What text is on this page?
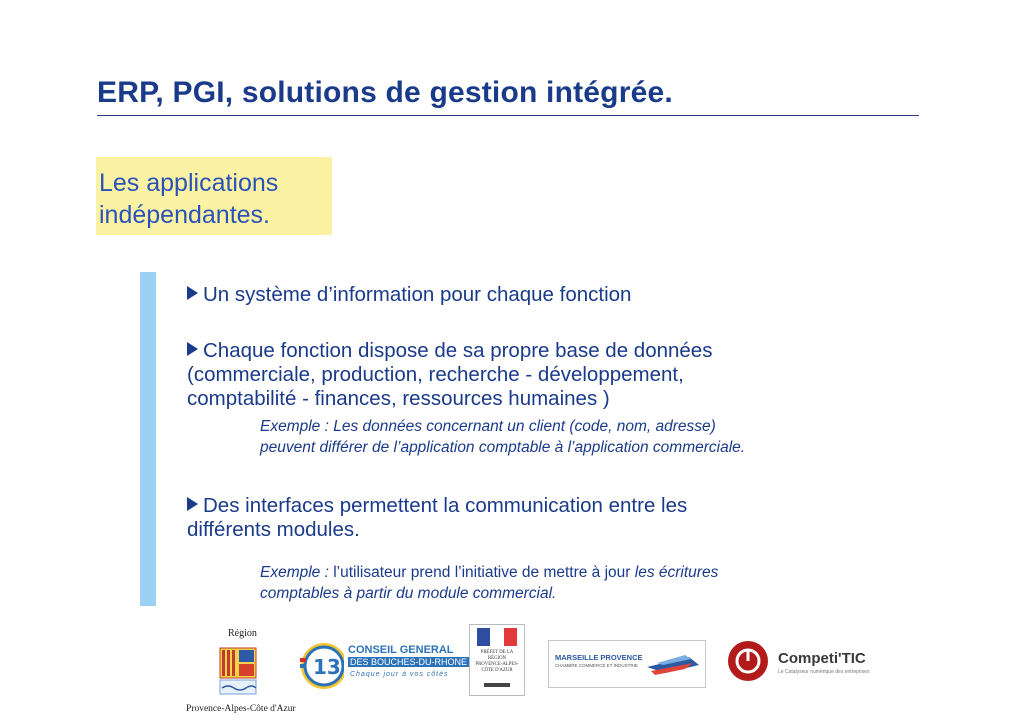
ERP, PGI, solutions de gestion intégrée.
Les applications
indépendantes.
Un système d’information pour chaque fonction
Chaque fonction dispose de sa propre base de données
(commerciale, production, recherche - développement,
comptabilité - finances, ressources humaines )
Exemple : Les données concernant un client (code, nom, adresse)
peuvent différer de l’application comptable à l’application commerciale.
Des interfaces permettent la communication entre les
différents modules.
Exemple : l’utilisateur prend l’initiative de mettre à jour les écritures
comptables à partir du module commercial.
Région
Provence-Alpes-Côte d'Azur
13
CONSEIL GENERAL
DES BOUCHES-DU-RHONE
Chaque jour à vos côtés
PRÉFET DE LA RÉGION
PROVENCE-ALPES-
CÔTE D'AZUR
MARSEILLE PROVENCE
CHAMBRE COMMERCE ET INDUSTRIE	Competi'TIC
Le Catalyseur numérique des entreprises
